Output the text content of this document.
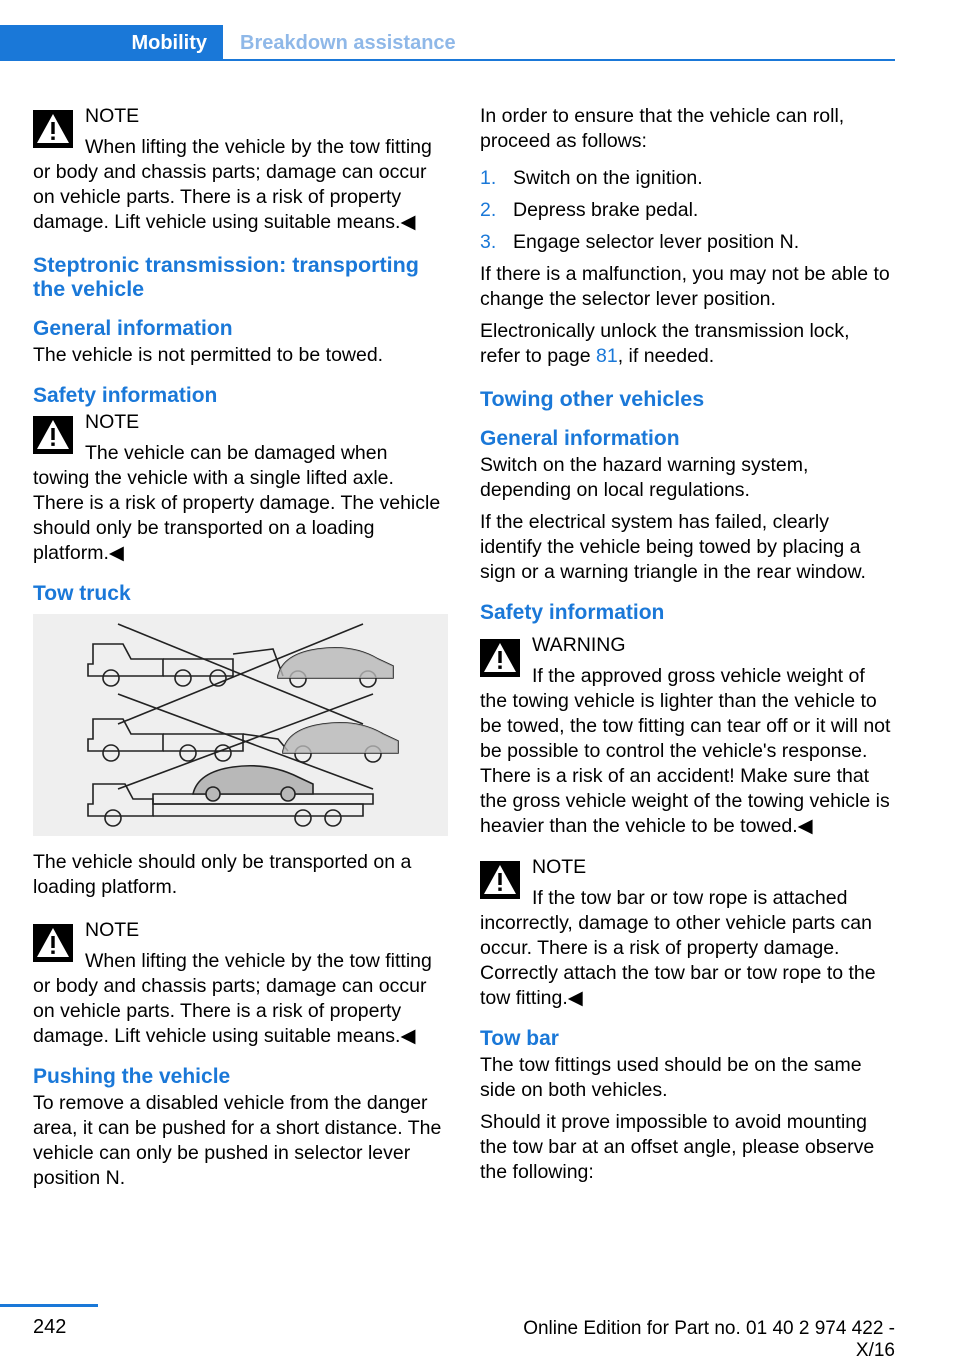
Mobility	Breakdown assistance
NOTE
When lifting the vehicle by the tow fitting or body and chassis parts; damage can occur on vehicle parts. There is a risk of property damage. Lift vehicle using suitable means.◀
Steptronic transmission: transporting the vehicle
General information

The vehicle is not permitted to be towed.

Safety information
NOTE
The vehicle can be damaged when towing the vehicle with a single lifted axle. There is a risk of property damage. The vehicle should only be transported on a loading platform.◀
Tow truck

The vehicle should only be transported on a loading platform.

NOTE
When lifting the vehicle by the tow fitting or body and chassis parts; damage can occur on vehicle parts. There is a risk of property damage. Lift vehicle using suitable means.◀
Pushing the vehicle

To remove a disabled vehicle from the danger area, it can be pushed for a short distance. The vehicle can only be pushed in selector lever position N.

In order to ensure that the vehicle can roll, proceed as follows:

1. Switch on the ignition.
2. Depress brake pedal.
3. Engage selector lever position N.

If there is a malfunction, you may not be able to change the selector lever position.

Electronically unlock the transmission lock, refer to page 81, if needed.

Towing other vehicles
General information

Switch on the hazard warning system, depending on local regulations.

If the electrical system has failed, clearly identify the vehicle being towed by placing a sign or a warning triangle in the rear window.

Safety information
WARNING
If the approved gross vehicle weight of the towing vehicle is lighter than the vehicle to be towed, the tow fitting can tear off or it will not be possible to control the vehicle's response. There is a risk of an accident! Make sure that the gross vehicle weight of the towing vehicle is heavier than the vehicle to be towed.◀
NOTE
If the tow bar or tow rope is attached incorrectly, damage to other vehicle parts can occur. There is a risk of property damage. Correctly attach the tow bar or tow rope to the tow fitting.◀
Tow bar

The tow fittings used should be on the same side on both vehicles.

Should it prove impossible to avoid mounting the tow bar at an offset angle, please observe the following:

242	Online Edition for Part no. 01 40 2 974 422 - X/16
